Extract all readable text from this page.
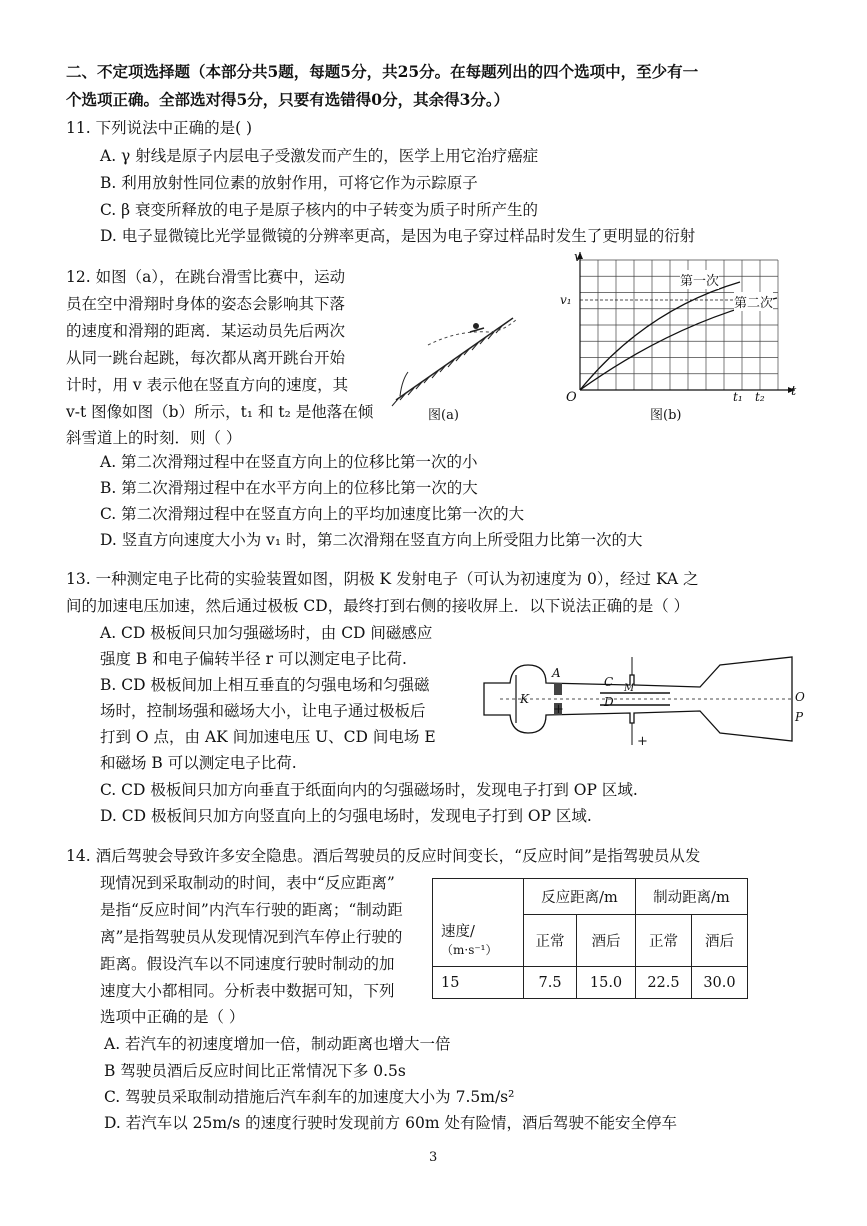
二、不定项选择题（本部分共5题，每题5分，共25分。在每题列出的四个选项中，至少有一
个选项正确。全部选对得5分，只要有选错得0分，其余得3分。）
11. 下列说法中正确的是( )
A. γ 射线是原子内层电子受激发而产生的，医学上用它治疗癌症
B. 利用放射性同位素的放射作用，可将它作为示踪原子
C. β 衰变所释放的电子是原子核内的中子转变为质子时所产生的
D. 电子显微镜比光学显微镜的分辨率更高，是因为电子穿过样品时发生了更明显的衍射
12. 如图（a），在跳台滑雪比赛中，运动
员在空中滑翔时身体的姿态会影响其下落
的速度和滑翔的距离．某运动员先后两次
从同一跳台起跳，每次都从离开跳台开始
计时，用 v 表示他在竖直方向的速度，其
v-t 图像如图（b）所示，t₁ 和 t₂ 是他落在倾
斜雪道上的时刻．则（ ）
图(a)
v
t
O
v₁
t₁ t₂
第一次
第二次
图(b)
A. 第二次滑翔过程中在竖直方向上的位移比第一次的小
B. 第二次滑翔过程中在水平方向上的位移比第一次的大
C. 第二次滑翔过程中在竖直方向上的平均加速度比第一次的大
D. 竖直方向速度大小为 v₁ 时，第二次滑翔在竖直方向上所受阻力比第一次的大
13. 一种测定电子比荷的实验装置如图，阴极 K 发射电子（可认为初速度为 0），经过 KA 之
间的加速电压加速，然后通过极板 CD，最终打到右侧的接收屏上．以下说法正确的是（ ）
A. CD 极板间只加匀强磁场时，由 CD 间磁感应
强度 B 和电子偏转半径 r 可以测定电子比荷.
B. CD 极板间加上相互垂直的匀强电场和匀强磁
场时，控制场强和磁场大小，让电子通过极板后
打到 O 点，由 AK 间加速电压 U、CD 间电场 E
和磁场 B 可以测定电子比荷.
C. CD 极板间只加方向垂直于纸面向内的匀强磁场时，发现电子打到 OP 区域.
D. CD 极板间只加方向竖直向上的匀强电场时，发现电子打到 OP 区域.
K
A
C M
D	O
P
+
+
14. 酒后驾驶会导致许多安全隐患。酒后驾驶员的反应时间变长，“反应时间”是指驾驶员从发
现情况到采取制动的时间，表中“反应距离”
是指“反应时间”内汽车行驶的距离；“制动距
离”是指驾驶员从发现情况到汽车停止行驶的
距离。假设汽车以不同速度行驶时制动的加
速度大小都相同。分析表中数据可知，下列
选项中正确的是（ ）
	反应距离/m		制动距离/m	

速度/
（m·s⁻¹）	正常	酒后	正常	酒后
15	7.5	15.0	22.5	30.0
A. 若汽车的初速度增加一倍，制动距离也增大一倍
B 驾驶员酒后反应时间比正常情况下多 0.5s
C. 驾驶员采取制动措施后汽车刹车的加速度大小为 7.5m/s²
D. 若汽车以 25m/s 的速度行驶时发现前方 60m 处有险情，酒后驾驶不能安全停车
3
